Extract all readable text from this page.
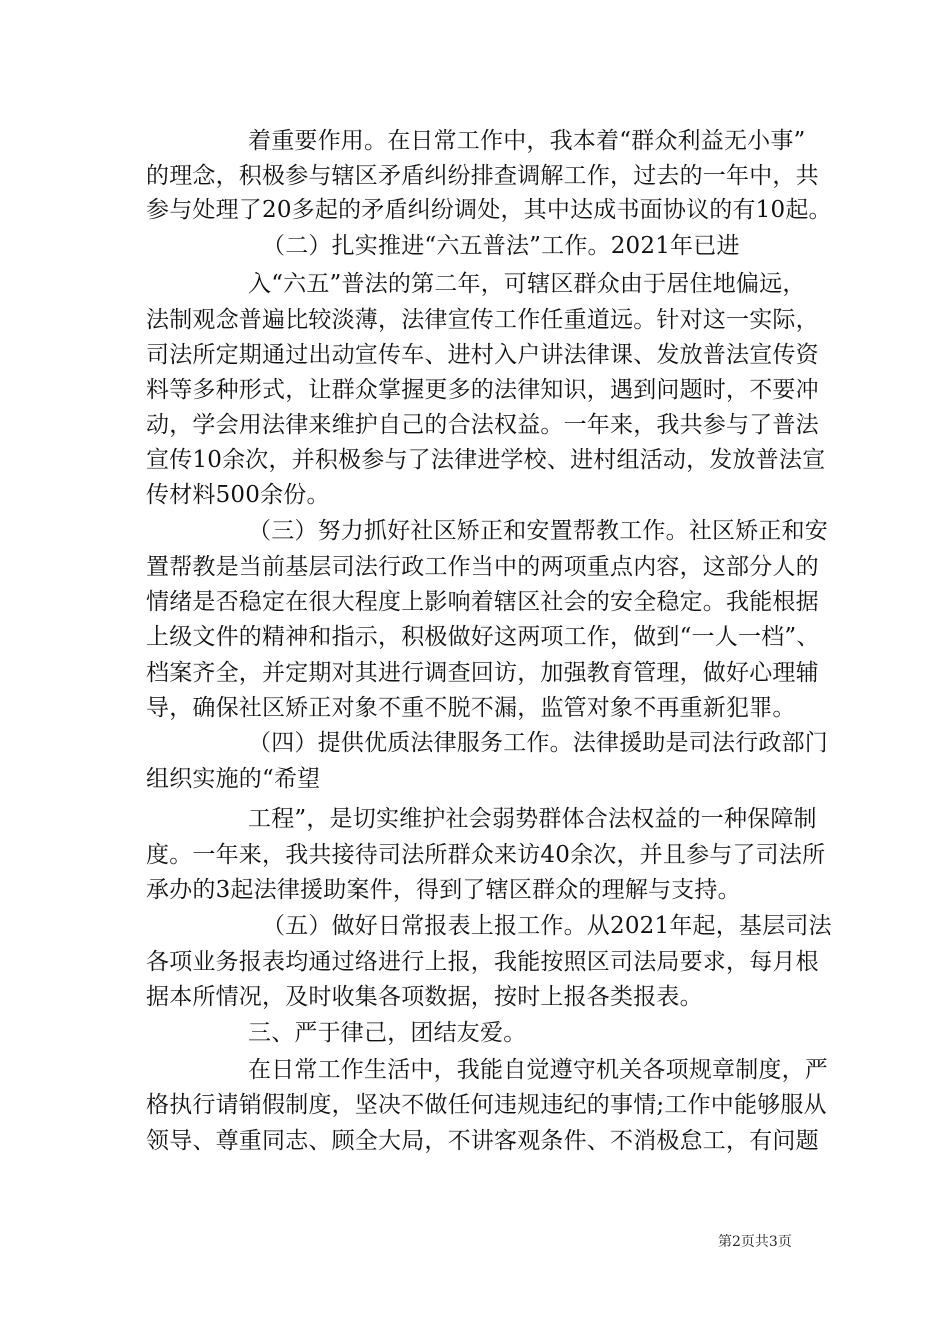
着重要作用。在日常工作中，我本着“群众利益无小事”
的理念，积极参与辖区矛盾纠纷排查调解工作，过去的一年中，共
参与处理了20多起的矛盾纠纷调处，其中达成书面协议的有10起。
（二）扎实推进“六五普法”工作。2021年已进
入“六五”普法的第二年，可辖区群众由于居住地偏远，
法制观念普遍比较淡薄，法律宣传工作任重道远。针对这一实际，
司法所定期通过出动宣传车、进村入户讲法律课、发放普法宣传资
料等多种形式，让群众掌握更多的法律知识，遇到问题时，不要冲
动，学会用法律来维护自己的合法权益。一年来，我共参与了普法
宣传10余次，并积极参与了法律进学校、进村组活动，发放普法宣
传材料500余份。
（三）努力抓好社区矫正和安置帮教工作。社区矫正和安
置帮教是当前基层司法行政工作当中的两项重点内容，这部分人的
情绪是否稳定在很大程度上影响着辖区社会的安全稳定。我能根据
上级文件的精神和指示，积极做好这两项工作，做到“一人一档”、
档案齐全，并定期对其进行调查回访，加强教育管理，做好心理辅
导，确保社区矫正对象不重不脱不漏，监管对象不再重新犯罪。
（四）提供优质法律服务工作。法律援助是司法行政部门
组织实施的“希望
工程”，是切实维护社会弱势群体合法权益的一种保障制
度。一年来，我共接待司法所群众来访40余次，并且参与了司法所
承办的3起法律援助案件，得到了辖区群众的理解与支持。
（五）做好日常报表上报工作。从2021年起，基层司法
各项业务报表均通过络进行上报，我能按照区司法局要求，每月根
据本所情况，及时收集各项数据，按时上报各类报表。
三、严于律己，团结友爱。
在日常工作生活中，我能自觉遵守机关各项规章制度，严
格执行请销假制度，坚决不做任何违规违纪的事情;工作中能够服从
领导、尊重同志、顾全大局，不讲客观条件、不消极怠工，有问题
第2页共3页
